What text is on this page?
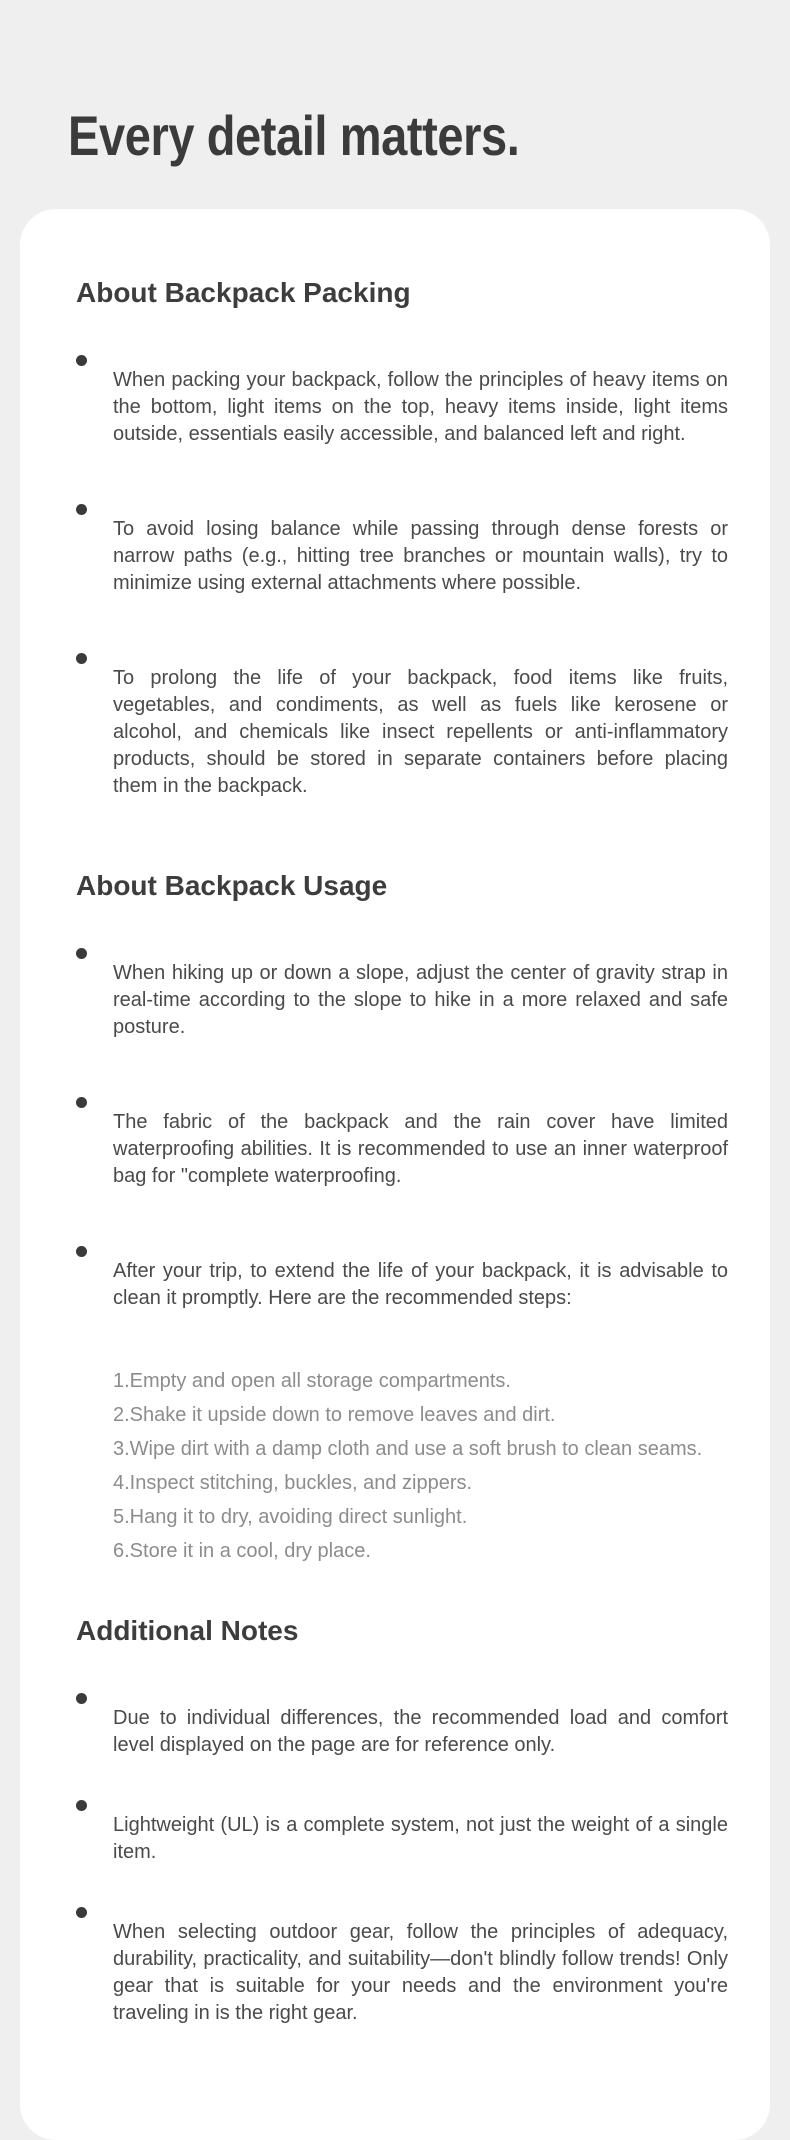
Every detail matters.
About Backpack Packing

When packing your backpack, follow the principles of heavy items on the bottom, light items on the top, heavy items inside, light items outside, essentials easily accessible, and balanced left and right.

To avoid losing balance while passing through dense forests or narrow paths (e.g., hitting tree branches or mountain walls), try to minimize using external attachments where possible.

To prolong the life of your backpack, food items like fruits, vegetables, and condiments, as well as fuels like kerosene or alcohol, and chemicals like insect repellents or anti-inflammatory products, should be stored in separate containers before placing them in the backpack.

About Backpack Usage

When hiking up or down a slope, adjust the center of gravity strap in real-time according to the slope to hike in a more relaxed and safe posture.

The fabric of the backpack and the rain cover have limited waterproofing abilities. It is recommended to use an inner waterproof bag for "complete waterproofing.

After your trip, to extend the life of your backpack, it is advisable to clean it promptly. Here are the recommended steps:

1.Empty and open all storage compartments.
2.Shake it upside down to remove leaves and dirt.
3.Wipe dirt with a damp cloth and use a soft brush to clean seams.
4.Inspect stitching, buckles, and zippers.
5.Hang it to dry, avoiding direct sunlight.
6.Store it in a cool, dry place.
Additional Notes

Due to individual differences, the recommended load and comfort level displayed on the page are for reference only.

Lightweight (UL) is a complete system, not just the weight of a single item.

When selecting outdoor gear, follow the principles of adequacy, durability, practicality, and suitability—don't blindly follow trends! Only gear that is suitable for your needs and the environment you're traveling in is the right gear.
